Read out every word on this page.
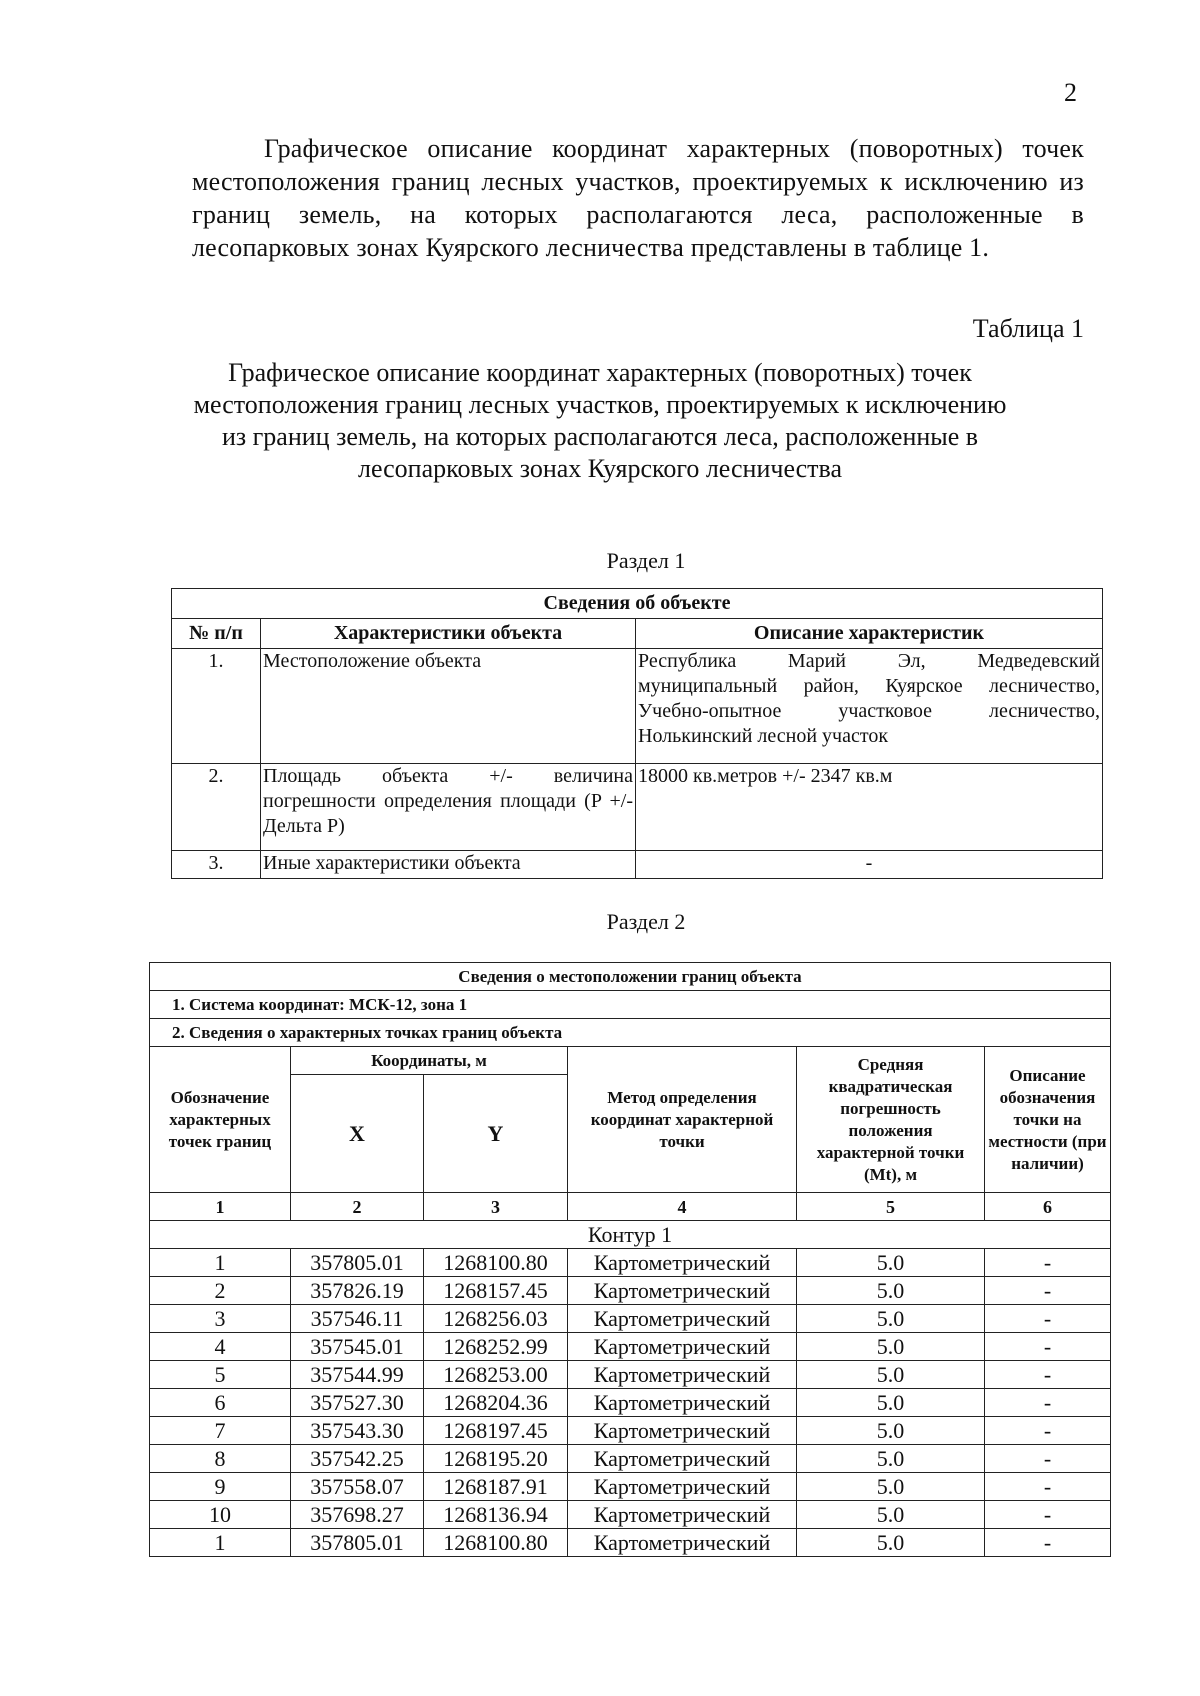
2

Графическое описание координат характерных (поворотных) точек местоположения границ лесных участков, проектируемых к исключению из границ земель, на которых располагаются леса, расположенные в лесопарковых зонах Куярского лесничества представлены в таблице 1.

Таблица 1
Графическое описание координат характерных (поворотных) точек местоположения границ лесных участков, проектируемых к исключению из границ земель, на которых располагаются леса, расположенные в лесопарковых зонах Куярского лесничества
Раздел 1
Сведения об объекте		
№ п/п	Характеристики объекта	Описание характеристик
1.	Местоположение объекта	Республика Марий Эл, Медведевский муниципальный район, Куярское лесничество, Учебно-опытное участковое лесничество, Нолькинский лесной участок
2.	Площадь объекта +/- величина погрешности определения площади (P +/-Дельта P)	18000 кв.метров +/- 2347 кв.м
3.	Иные характеристики объекта	-
Раздел 2
Сведения о местоположении границ объекта					
1. Система координат: МСК-12, зона 1					
2. Сведения о характерных точках границ объекта					
Обозначение характерных точек границ	Координаты, м		Метод определения координат характерной точки	Средняя квадратическая погрешность положения характерной точки (Mt), м	Описание обозначения точки на местности (при наличии)
	X	Y			
1	2	3	4	5	6
Контур 1					
1	357805.01	1268100.80	Картометрический	5.0	-
2	357826.19	1268157.45	Картометрический	5.0	-
3	357546.11	1268256.03	Картометрический	5.0	-
4	357545.01	1268252.99	Картометрический	5.0	-
5	357544.99	1268253.00	Картометрический	5.0	-
6	357527.30	1268204.36	Картометрический	5.0	-
7	357543.30	1268197.45	Картометрический	5.0	-
8	357542.25	1268195.20	Картометрический	5.0	-
9	357558.07	1268187.91	Картометрический	5.0	-
10	357698.27	1268136.94	Картометрический	5.0	-
1	357805.01	1268100.80	Картометрический	5.0	-
